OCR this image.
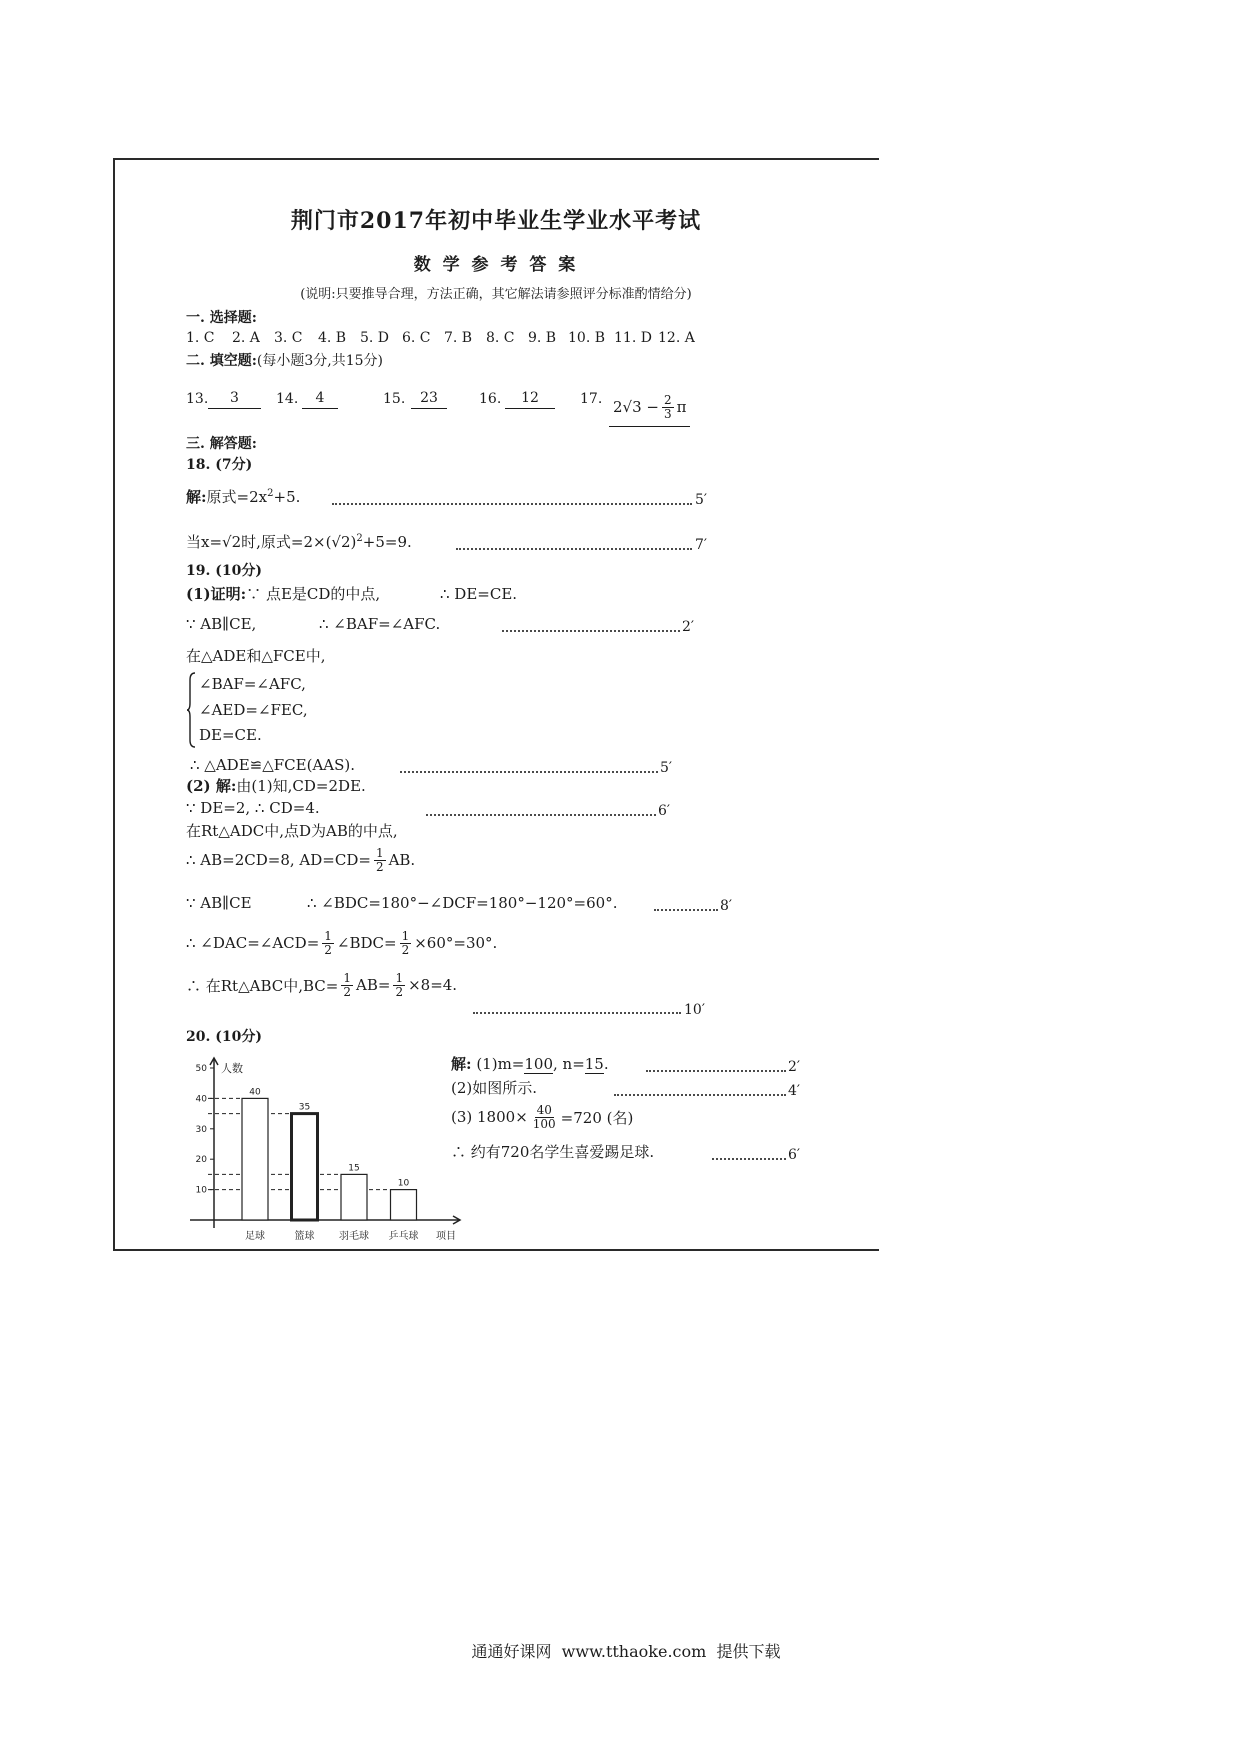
荆门市2017年初中毕业生学业水平考试
数 学 参 考 答 案
(说明:只要推导合理，方法正确，其它解法请参照评分标准酌情给分)
一. 选择题:
1. C 2. A 3. C 4. B 5. D 6. C 7. B 8. C 9. B 10. B 11. D 12. A
二. 填空题:(每小题3分,共15分)
13.	3	14.	4	15.	23	16.	12	17. $2√3 - \frac{2}{3}$ π
三. 解答题:
18. (7分)
解:原式$=2x^2+5$.	5′
当x=√2时,原式$=2\times(√2)^2+5=9$.	7′
19. (10分)
(1)证明:∵ 点E是CD的中点,	∴ DE=CE.
∵ AB∥CE,	∴ ∠BAF=∠AFC.	2′
在△ADE和△FCE中,
∠BAF=∠AFC,
∠AED=∠FEC,
DE=CE.
∴ △ADE≌△FCE(AAS).	5′
(2) 解:由(1)知,CD=2DE.
∵ DE=2, ∴ CD=4.	6′
在Rt△ADC中,点D为AB的中点,
∴ AB=2CD=8, $AD=CD= \frac{1}{2}$ AB.
∵ AB∥CE	∴ ∠BDC=180°−∠DCF=180°−120°=60°.	8′
∴ ∠DAC=∠ACD= $\frac{1}{2}$ ∠BDC= $\frac{1}{2} \times 60^\circ=30^\circ$.
∴ 在Rt△ABC中$,BC= \frac{1}{2} AB= \frac{1}{2} \times 8=4$.
10′
20. (10分)
10
20
30
40
50 人数
项目
40
足球
35
篮球
15
羽毛球
10
乒乓球
解: (1)m=100, n=15.	2′
(2)如图所示.	4′
(3) $1800\times \frac{40}{100} =720$ (名)
∴ 约有720名学生喜爱踢足球.	6′
通通好课网  www.tthaoke.com  提供下载
